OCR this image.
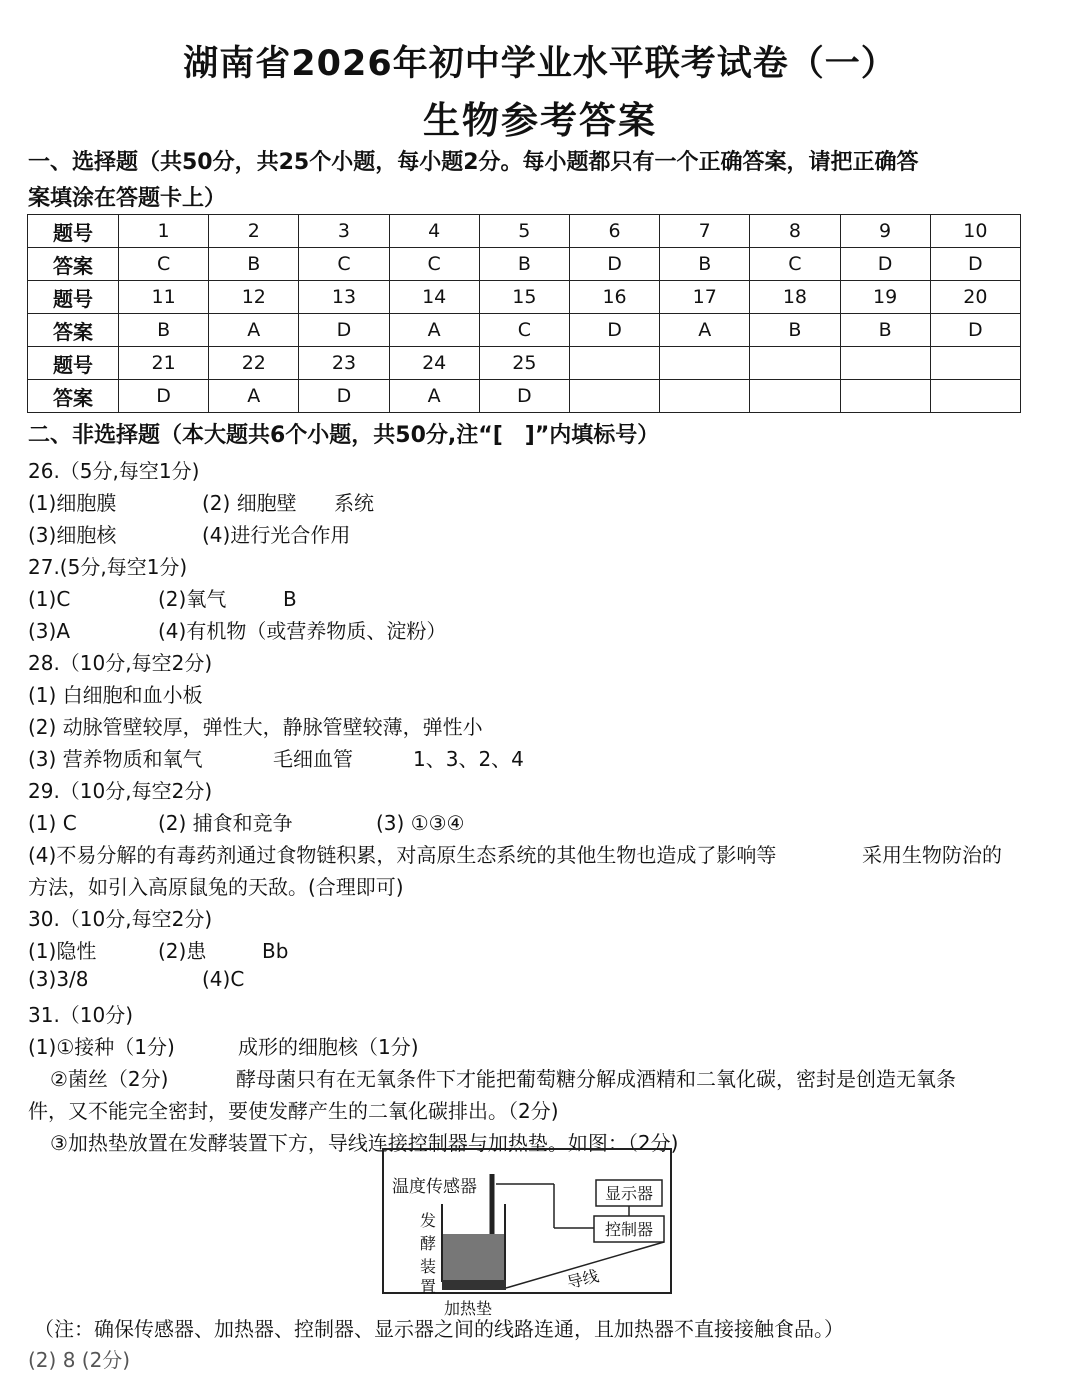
湖南省2026年初中学业水平联考试卷（一）
生物参考答案
一、选择题（共50分，共25个小题，每小题2分。每小题都只有一个正确答案，请把正确答
案填涂在答题卡上）
题号	1	2	3	4	5	6	7	8	9	10
答案	C	B	C	C	B	D	B	C	D	D
题号	11	12	13	14	15	16	17	18	19	20
答案	B	A	D	A	C	D	A	B	B	D
题号	21	22	23	24	25					
答案	D	A	D	A	D					
二、非选择题（本大题共6个小题，共50分,注“[　]”内填标号）
26.（5分,每空1分)
(1)细胞膜	(2) 细胞壁 系统
(3)细胞核	(4)进行光合作用
27.(5分,每空1分)
(1)C	(2)氧气	B
(3)A	(4)有机物（或营养物质、淀粉）
28.（10分,每空2分)
(1) 白细胞和血小板
(2) 动脉管壁较厚，弹性大，静脉管壁较薄，弹性小
(3) 营养物质和氧气	毛细血管	1、3、2、4
29.（10分,每空2分)
(1) C	(2) 捕食和竞争	(3) ①③④
(4)不易分解的有毒药剂通过食物链积累，对高原生态系统的其他生物也造成了影响等	采用生物防治的
方法，如引入高原鼠兔的天敌。(合理即可)
30.（10分,每空2分)
(1)隐性	(2)患	Bb
(3)3/8	(4)C
31.（10分)
(1)①接种（1分)	成形的细胞核（1分)
②菌丝（2分)	酵母菌只有在无氧条件下才能把葡萄糖分解成酒精和二氧化碳，密封是创造无氧条
件，又不能完全密封，要使发酵产生的二氧化碳排出。（2分)
③加热垫放置在发酵装置下方，导线连接控制器与加热垫。如图：（2分)
温度传感器	显示器
控制器
发 酵 装 置	导线
加热垫
（注：确保传感器、加热器、控制器、显示器之间的线路连通，且加热器不直接接触食品。）
(2) 8 (2分)
